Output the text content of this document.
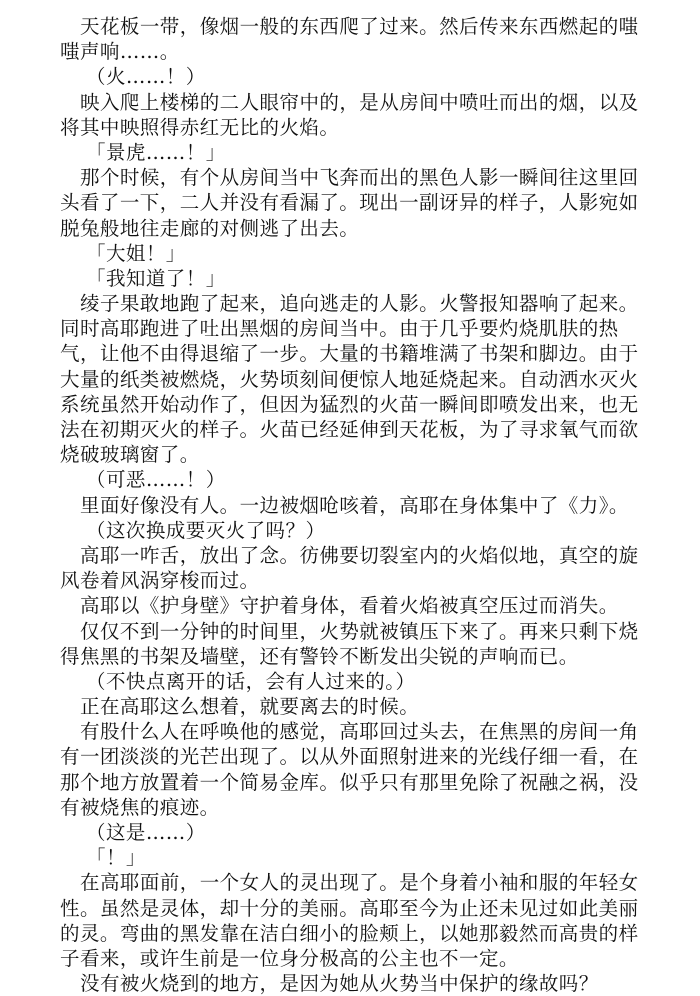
天花板一带，像烟一般的东西爬了过来。然后传来东西燃起的嗤
嗤声响……。
（火……！）
映入爬上楼梯的二人眼帘中的，是从房间中喷吐而出的烟，以及
将其中映照得赤红无比的火焰。
「景虎……！」
那个时候，有个从房间当中飞奔而出的黑色人影一瞬间往这里回
头看了一下，二人并没有看漏了。现出一副讶异的样子，人影宛如
脱兔般地往走廊的对侧逃了出去。
「大姐！」
「我知道了！」
绫子果敢地跑了起来，追向逃走的人影。火警报知器响了起来。
同时高耶跑进了吐出黑烟的房间当中。由于几乎要灼烧肌肤的热
气，让他不由得退缩了一步。大量的书籍堆满了书架和脚边。由于
大量的纸类被燃烧，火势顷刻间便惊人地延烧起来。自动洒水灭火
系统虽然开始动作了，但因为猛烈的火苗一瞬间即喷发出来，也无
法在初期灭火的样子。火苗已经延伸到天花板，为了寻求氧气而欲
烧破玻璃窗了。
（可恶……！）
里面好像没有人。一边被烟呛咳着，高耶在身体集中了《力》。
（这次换成要灭火了吗？）
高耶一咋舌，放出了念。彷佛要切裂室内的火焰似地，真空的旋
风卷着风涡穿梭而过。
高耶以《护身壁》守护着身体，看着火焰被真空压过而消失。
仅仅不到一分钟的时间里，火势就被镇压下来了。再来只剩下烧
得焦黑的书架及墙壁，还有警铃不断发出尖锐的声响而已。
（不快点离开的话，会有人过来的。）
正在高耶这么想着，就要离去的时候。
有股什么人在呼唤他的感觉，高耶回过头去，在焦黑的房间一角
有一团淡淡的光芒出现了。以从外面照射进来的光线仔细一看，在
那个地方放置着一个简易金库。似乎只有那里免除了祝融之祸，没
有被烧焦的痕迹。
（这是……）
「！」
在高耶面前，一个女人的灵出现了。是个身着小袖和服的年轻女
性。虽然是灵体，却十分的美丽。高耶至今为止还未见过如此美丽
的灵。弯曲的黑发靠在洁白细小的脸颊上，以她那毅然而高贵的样
子看来，或许生前是一位身分极高的公主也不一定。
没有被火烧到的地方，是因为她从火势当中保护的缘故吗？
